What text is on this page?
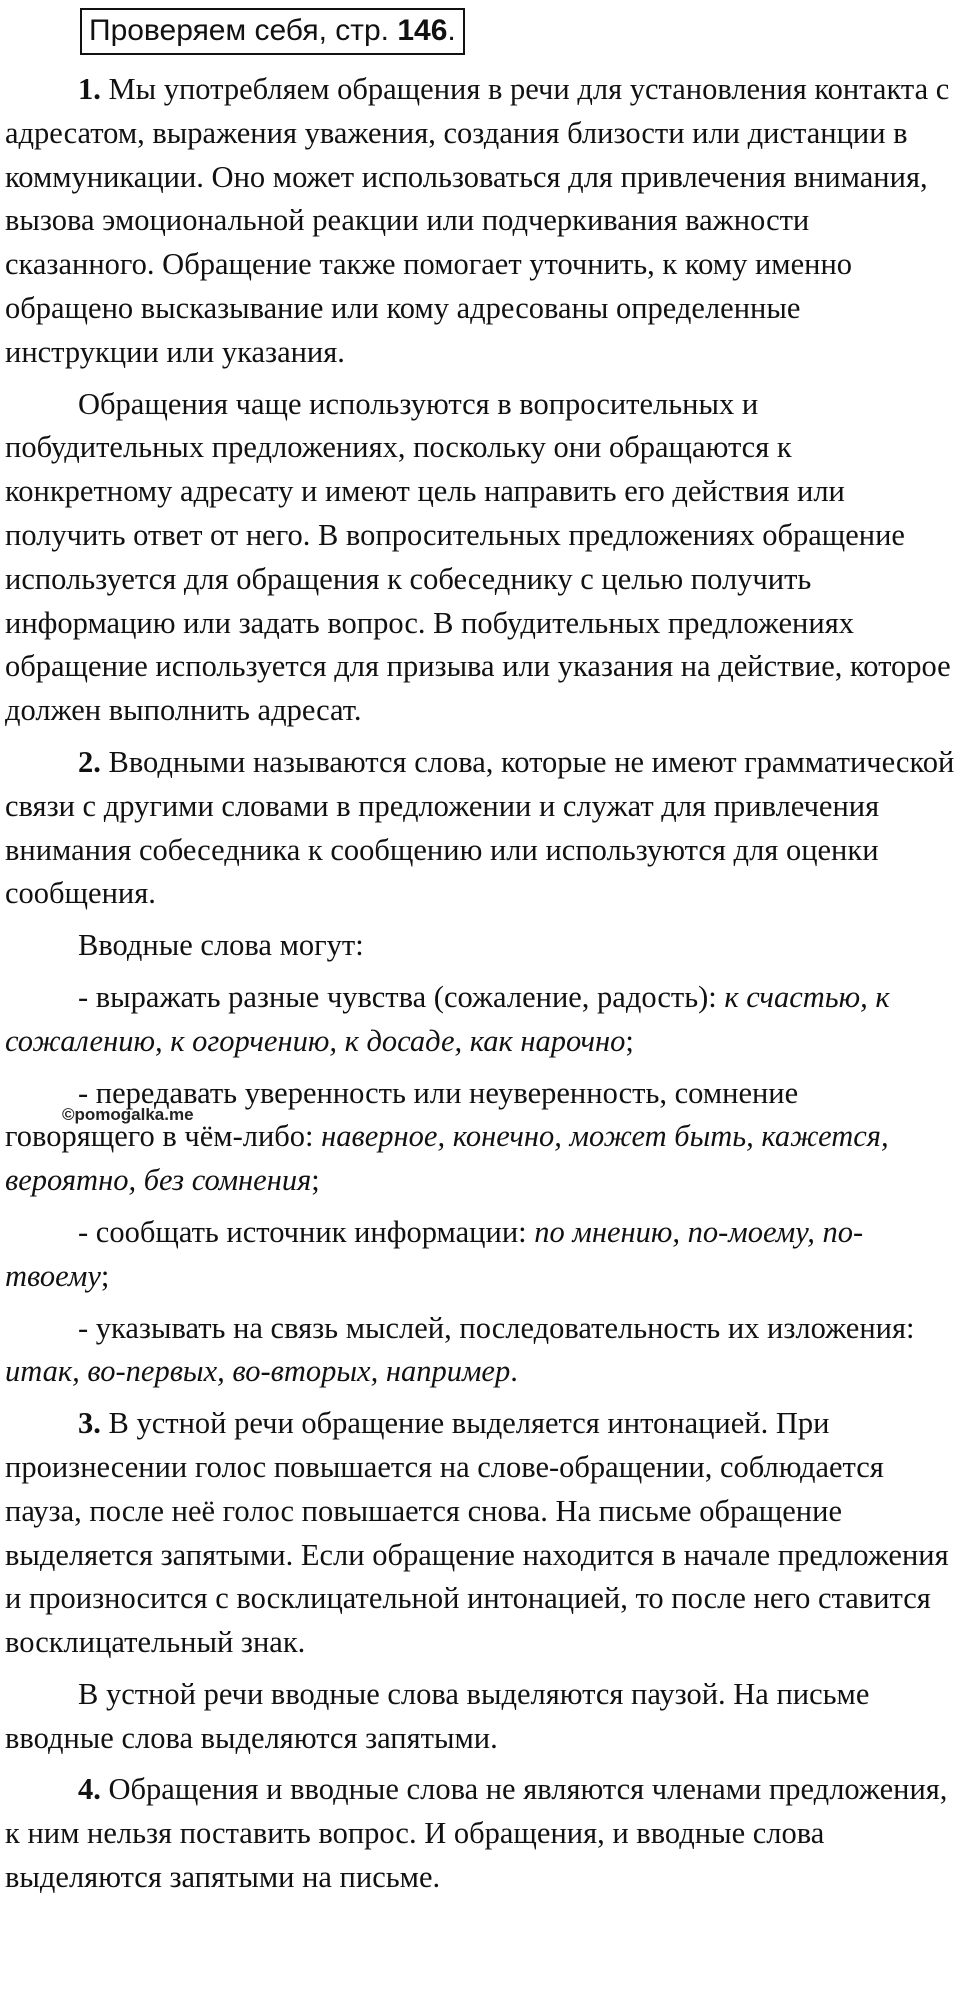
Проверяем себя, стр. 146.

1. Мы употребляем обращения в речи для установления контакта с адресатом, выражения уважения, создания близости или дистанции в коммуникации. Оно может использоваться для привлечения внимания, вызова эмоциональной реакции или подчеркивания важности сказанного. Обращение также помогает уточнить, к кому именно обращено высказывание или кому адресованы определенные инструкции или указания.

Обращения чаще используются в вопросительных и побудительных предложениях, поскольку они обращаются к конкретному адресату и имеют цель направить его действия или получить ответ от него. В вопросительных предложениях обращение используется для обращения к собеседнику с целью получить информацию или задать вопрос. В побудительных предложениях обращение используется для призыва или указания на действие, которое должен выполнить адресат.

2. Вводными называются слова, которые не имеют грамматической связи с другими словами в предложении и служат для привлечения внимания собеседника к сообщению или используются для оценки сообщения.

Вводные слова могут:

- выражать разные чувства (сожаление, радость): к счастью, к сожалению, к огорчению, к досаде, как нарочно;

- передавать уверенность или неуверенность, сомнение говорящего в чём-либо: наверное, конечно, может быть, кажется, вероятно, без сомнения;

- сообщать источник информации: по мнению, по-моему, по-твоему;

- указывать на связь мыслей, последовательность их изложения: итак, во-первых, во-вторых, например.

3. В устной речи обращение выделяется интонацией. При произнесении голос повышается на слове-обращении, соблюдается пауза, после неё голос повышается снова. На письме обращение выделяется запятыми. Если обращение находится в начале предложения и произносится с восклицательной интонацией, то после него ставится восклицательный знак.

В устной речи вводные слова выделяются паузой. На письме вводные слова выделяются запятыми.

4. Обращения и вводные слова не являются членами предложения, к ним нельзя поставить вопрос. И обращения, и вводные слова выделяются запятыми на письме.

©pomogalka.me
